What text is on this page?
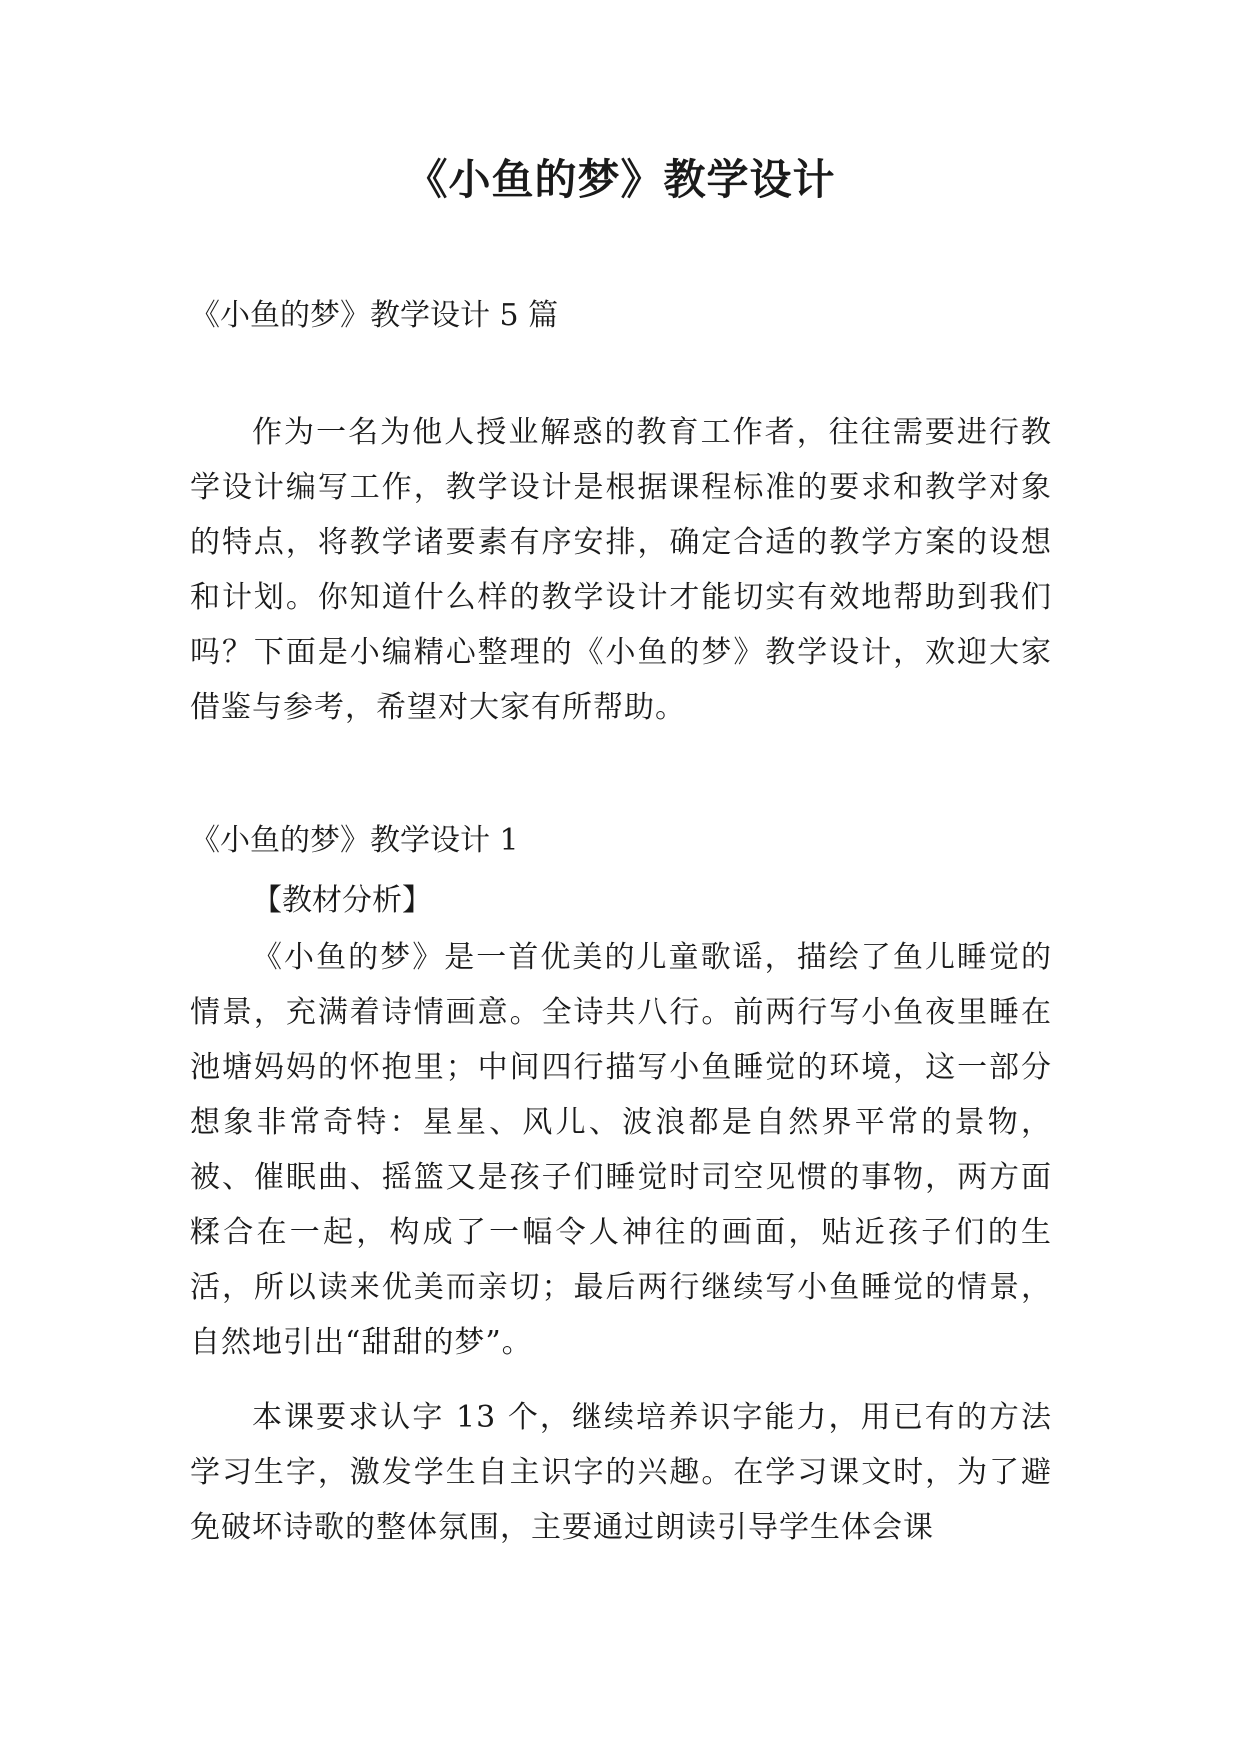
《小鱼的梦》教学设计
《小鱼的梦》教学设计 5 篇
作为一名为他人授业解惑的教育工作者，往往需要进行教学设计编写工作，教学设计是根据课程标准的要求和教学对象的特点，将教学诸要素有序安排，确定合适的教学方案的设想和计划。你知道什么样的教学设计才能切实有效地帮助到我们吗？下面是小编精心整理的《小鱼的梦》教学设计，欢迎大家借鉴与参考，希望对大家有所帮助。
《小鱼的梦》教学设计 1
【教材分析】
《小鱼的梦》是一首优美的儿童歌谣，描绘了鱼儿睡觉的情景，充满着诗情画意。全诗共八行。前两行写小鱼夜里睡在池塘妈妈的怀抱里；中间四行描写小鱼睡觉的环境，这一部分想象非常奇特：星星、风儿、波浪都是自然界平常的景物，被、催眠曲、摇篮又是孩子们睡觉时司空见惯的事物，两方面糅合在一起，构成了一幅令人神往的画面，贴近孩子们的生活，所以读来优美而亲切；最后两行继续写小鱼睡觉的情景，自然地引出“甜甜的梦”。
本课要求认字 13 个，继续培养识字能力，用已有的方法学习生字，激发学生自主识字的兴趣。在学习课文时，为了避免破坏诗歌的整体氛围，主要通过朗读引导学生体会课
